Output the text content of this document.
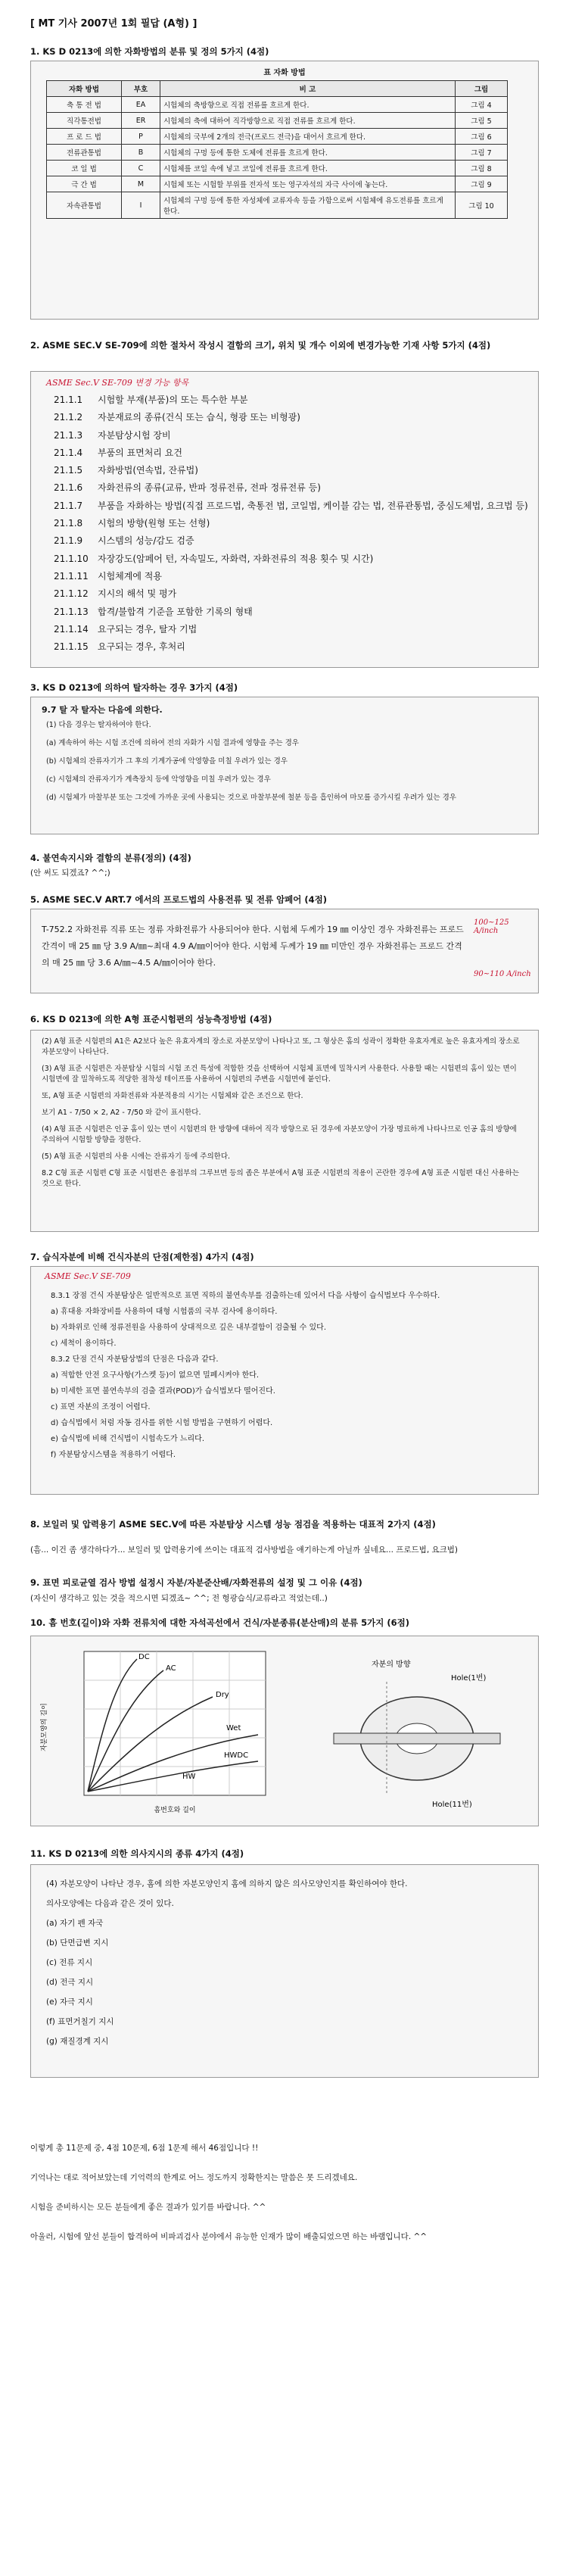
[ MT 기사 2007년 1회 필답 (A형) ]
1. KS D 0213에 의한 자화방법의 분류 및 정의 5가지 (4점)
표 자화 방법
자화 방법	부호	비 고	그림
축 통 전 법	EA	시험체의 축방향으로 직접 전류를 흐르게 한다.	그림 4
직각통전법	ER	시험체의 축에 대하여 직각방향으로 직접 전류를 흐르게 한다.	그림 5
프 로 드 법	P	시험체의 국부에 2개의 전극(프로드 전극)을 대어서 흐르게 한다.	그림 6
전류관통법	B	시험체의 구멍 등에 통한 도체에 전류를 흐르게 한다.	그림 7
코 일 법	C	시험체를 코일 속에 넣고 코일에 전류를 흐르게 한다.	그림 8
극 간 법	M	시험체 또는 시험할 부위를 전자석 또는 영구자석의 자극 사이에 놓는다.	그림 9
자속관통법	I	시험체의 구멍 등에 통한 자성체에 교류자속 등을 가함으로써 시험체에 유도전류를 흐르게 한다.	그림 10
2. ASME SEC.V SE-709에 의한 절차서 작성시 결함의 크기, 위치 및 개수 이외에 변경가능한 기재 사항 5가지 (4점)
ASME Sec.V SE-709 변경 가능 항목
21.1.1 시험할 부재(부품)의 또는 특수한 부분
21.1.2 자분재료의 종류(건식 또는 습식, 형광 또는 비형광)
21.1.3 자분탐상시험 장비
21.1.4 부품의 표면처리 요건
21.1.5 자화방법(연속법, 잔류법)
21.1.6 자화전류의 종류(교류, 반파 정류전류, 전파 정류전류 등)
21.1.7 부품을 자화하는 방법(직접 프로드법, 축통전 법, 코일법, 케이블 감는 법, 전류관통법, 중심도체법, 요크법 등)
21.1.8 시험의 방향(원형 또는 선형)
21.1.9 시스템의 성능/감도 검증
21.1.10 자장강도(암페어 턴, 자속밀도, 자화력, 자화전류의 적용 횟수 및 시간)
21.1.11 시험체계에 적용
21.1.12 지시의 해석 및 평가
21.1.13 합격/불합격 기준을 포함한 기록의 형태
21.1.14 요구되는 경우, 탈자 기법
21.1.15 요구되는 경우, 후처리
3. KS D 0213에 의하여 탈자하는 경우 3가지 (4점)
9.7 탈 자 탈자는 다음에 의한다.
(1) 다음 경우는 탈자하여야 한다.
(a) 계속하여 하는 시험 조건에 의하여 전의 자화가 시험 결과에 영향을 주는 경우
(b) 시험체의 잔류자기가 그 후의 기계가공에 악영향을 미칠 우려가 있는 경우
(c) 시험체의 잔류자기가 계측장치 등에 악영향을 미칠 우려가 있는 경우
(d) 시험체가 마찰부분 또는 그것에 가까운 곳에 사용되는 것으로 마찰부분에 철분 등을 흡인하여 마모를 증가시킬 우려가 있는 경우
4. 불연속지시와 결함의 분류(정의) (4점)
(안 써도 되겠죠? ^^;)
5. ASME SEC.V ART.7 에서의 프로드법의 사용전류 및 전류 암페어 (4점)
T-752.2 자화전류 직류 또는 정류 자화전류가 사용되어야 한다. 시험체 두께가 19 ㎜ 이상인 경우 자화전류는 프로드 간격이 매 25 ㎜ 당 3.9 A/㎜~최대 4.9 A/㎜이어야 한다. 시험체 두께가 19 ㎜ 미만인 경우 자화전류는 프로드 간격의 매 25 ㎜ 당 3.6 A/㎜~4.5 A/㎜이어야 한다.
100~125 A/inch
90~110 A/inch
6. KS D 0213에 의한 A형 표준시험편의 성능측정방법 (4점)
(2) A형 표준 시험편의 A1은 A2보다 높은 유효자계의 장소로 자분모양이 나타나고 또, 그 형상은 홈의 성곽이 정확한 유효자계로 높은 유효자계의 장소로 자분모양이 나타난다.
(3) A형 표준 시험편은 자분탐상 시험의 시험 조건 특성에 적합한 것을 선택하여 시험체 표면에 밀착시켜 사용한다. 사용할 때는 시험편의 홈이 있는 면이 시험면에 잘 밀착하도록 적당한 점착성 테이프를 사용하여 시험편의 주변을 시험면에 붙인다.
또, A형 표준 시험편의 자화전류와 자분적용의 시기는 시험체와 같은 조건으로 한다.
보기 A1 - 7/50 × 2, A2 - 7/50 와 같이 표시한다.
(4) A형 표준 시험편은 인공 홈이 있는 면이 시험편의 한 방향에 대하여 직각 방향으로 된 경우에 자분모양이 가장 명료하게 나타나므로 인공 홈의 방향에 주의하여 시험할 방향을 정한다.
(5) A형 표준 시험편의 사용 시에는 잔류자기 등에 주의한다.
8.2 C형 표준 시험편 C형 표준 시험편은 용접부의 그루브면 등의 좁은 부분에서 A형 표준 시험편의 적용이 곤란한 경우에 A형 표준 시험편 대신 사용하는 것으로 한다.
7. 습식자분에 비해 건식자분의 단점(제한점) 4가지 (4점)
ASME Sec.V SE-709
8.3.1 장점 건식 자분탐상은 일반적으로 표면 직하의 불연속부를 검출하는데 있어서 다음 사항이 습식법보다 우수하다.
a) 휴대용 자화장비를 사용하여 대형 시험품의 국부 검사에 용이하다.
b) 자화위로 인해 정류전원을 사용하여 상대적으로 깊은 내부결함이 검출될 수 있다.
c) 세척이 용이하다.
8.3.2 단점 건식 자분탐상법의 단점은 다음과 같다.
a) 적합한 안전 요구사항(가스켓 등)이 없으면 밀폐시켜야 한다.
b) 미세한 표면 불연속부의 검출 결과(POD)가 습식법보다 떨어진다.
c) 표면 자분의 조정이 어렵다.
d) 습식법에서 처럼 자동 검사를 위한 시험 방법을 구현하기 어렵다.
e) 습식법에 비해 건식법이 시험속도가 느리다.
f) 자분탐상시스템을 적용하기 어렵다.
8. 보일러 및 압력용기 ASME SEC.V에 따른 자분탐상 시스템 성능 점검을 적용하는 대표적 2가지 (4점)
(흠... 이건 좀 생각하다가... 보일러 및 압력용기에 쓰이는 대표적 검사방법을 얘기하는게 아닐까 싶네요... 프로드법, 요크법)
9. 표면 피로균열 검사 방법 설정시 자분/자분준산배/자화전류의 설정 및 그 이유 (4점)
(자신이 생각하고 있는 것을 적으시면 되겠죠~ ^^; 전 형광습식/교류라고 적었는데..)
10. 흠 번호(길이)와 자화 전류치에 대한 자석곡선에서 건식/자분종류(분산매)의 분류 5가지 (6점)
DC
AC
Dry
Wet
HWDC
HW
자분모양의 길이
흠번호와 길이
자분의 방향
Hole(1번)
Hole(11번)
11. KS D 0213에 의한 의사지시의 종류 4가지 (4점)
(4) 자분모양이 나타난 경우, 홈에 의한 자분모양인지 홈에 의하지 않은 의사모양인지를 확인하여야 한다.
의사모양에는 다음과 같은 것이 있다.
(a) 자기 펜 자국
(b) 단면급변 지시
(c) 전류 지시
(d) 전극 지시
(e) 자극 지시
(f) 표면거칠기 지시
(g) 재질경계 지시
이렇게 총 11문제 중, 4점 10문제, 6점 1문제 해서 46점입니다 !!
기억나는 대로 적어보았는데 기억력의 한계로 어느 정도까지 정확한지는 말씀은 못 드리겠네요.
시험을 준비하시는 모든 분들에게 좋은 결과가 있기를 바랍니다. ^^
아울러, 시험에 앞선 분들이 합격하여 비파괴검사 분야에서 유능한 인재가 많이 배출되었으면 하는 바램입니다. ^^
